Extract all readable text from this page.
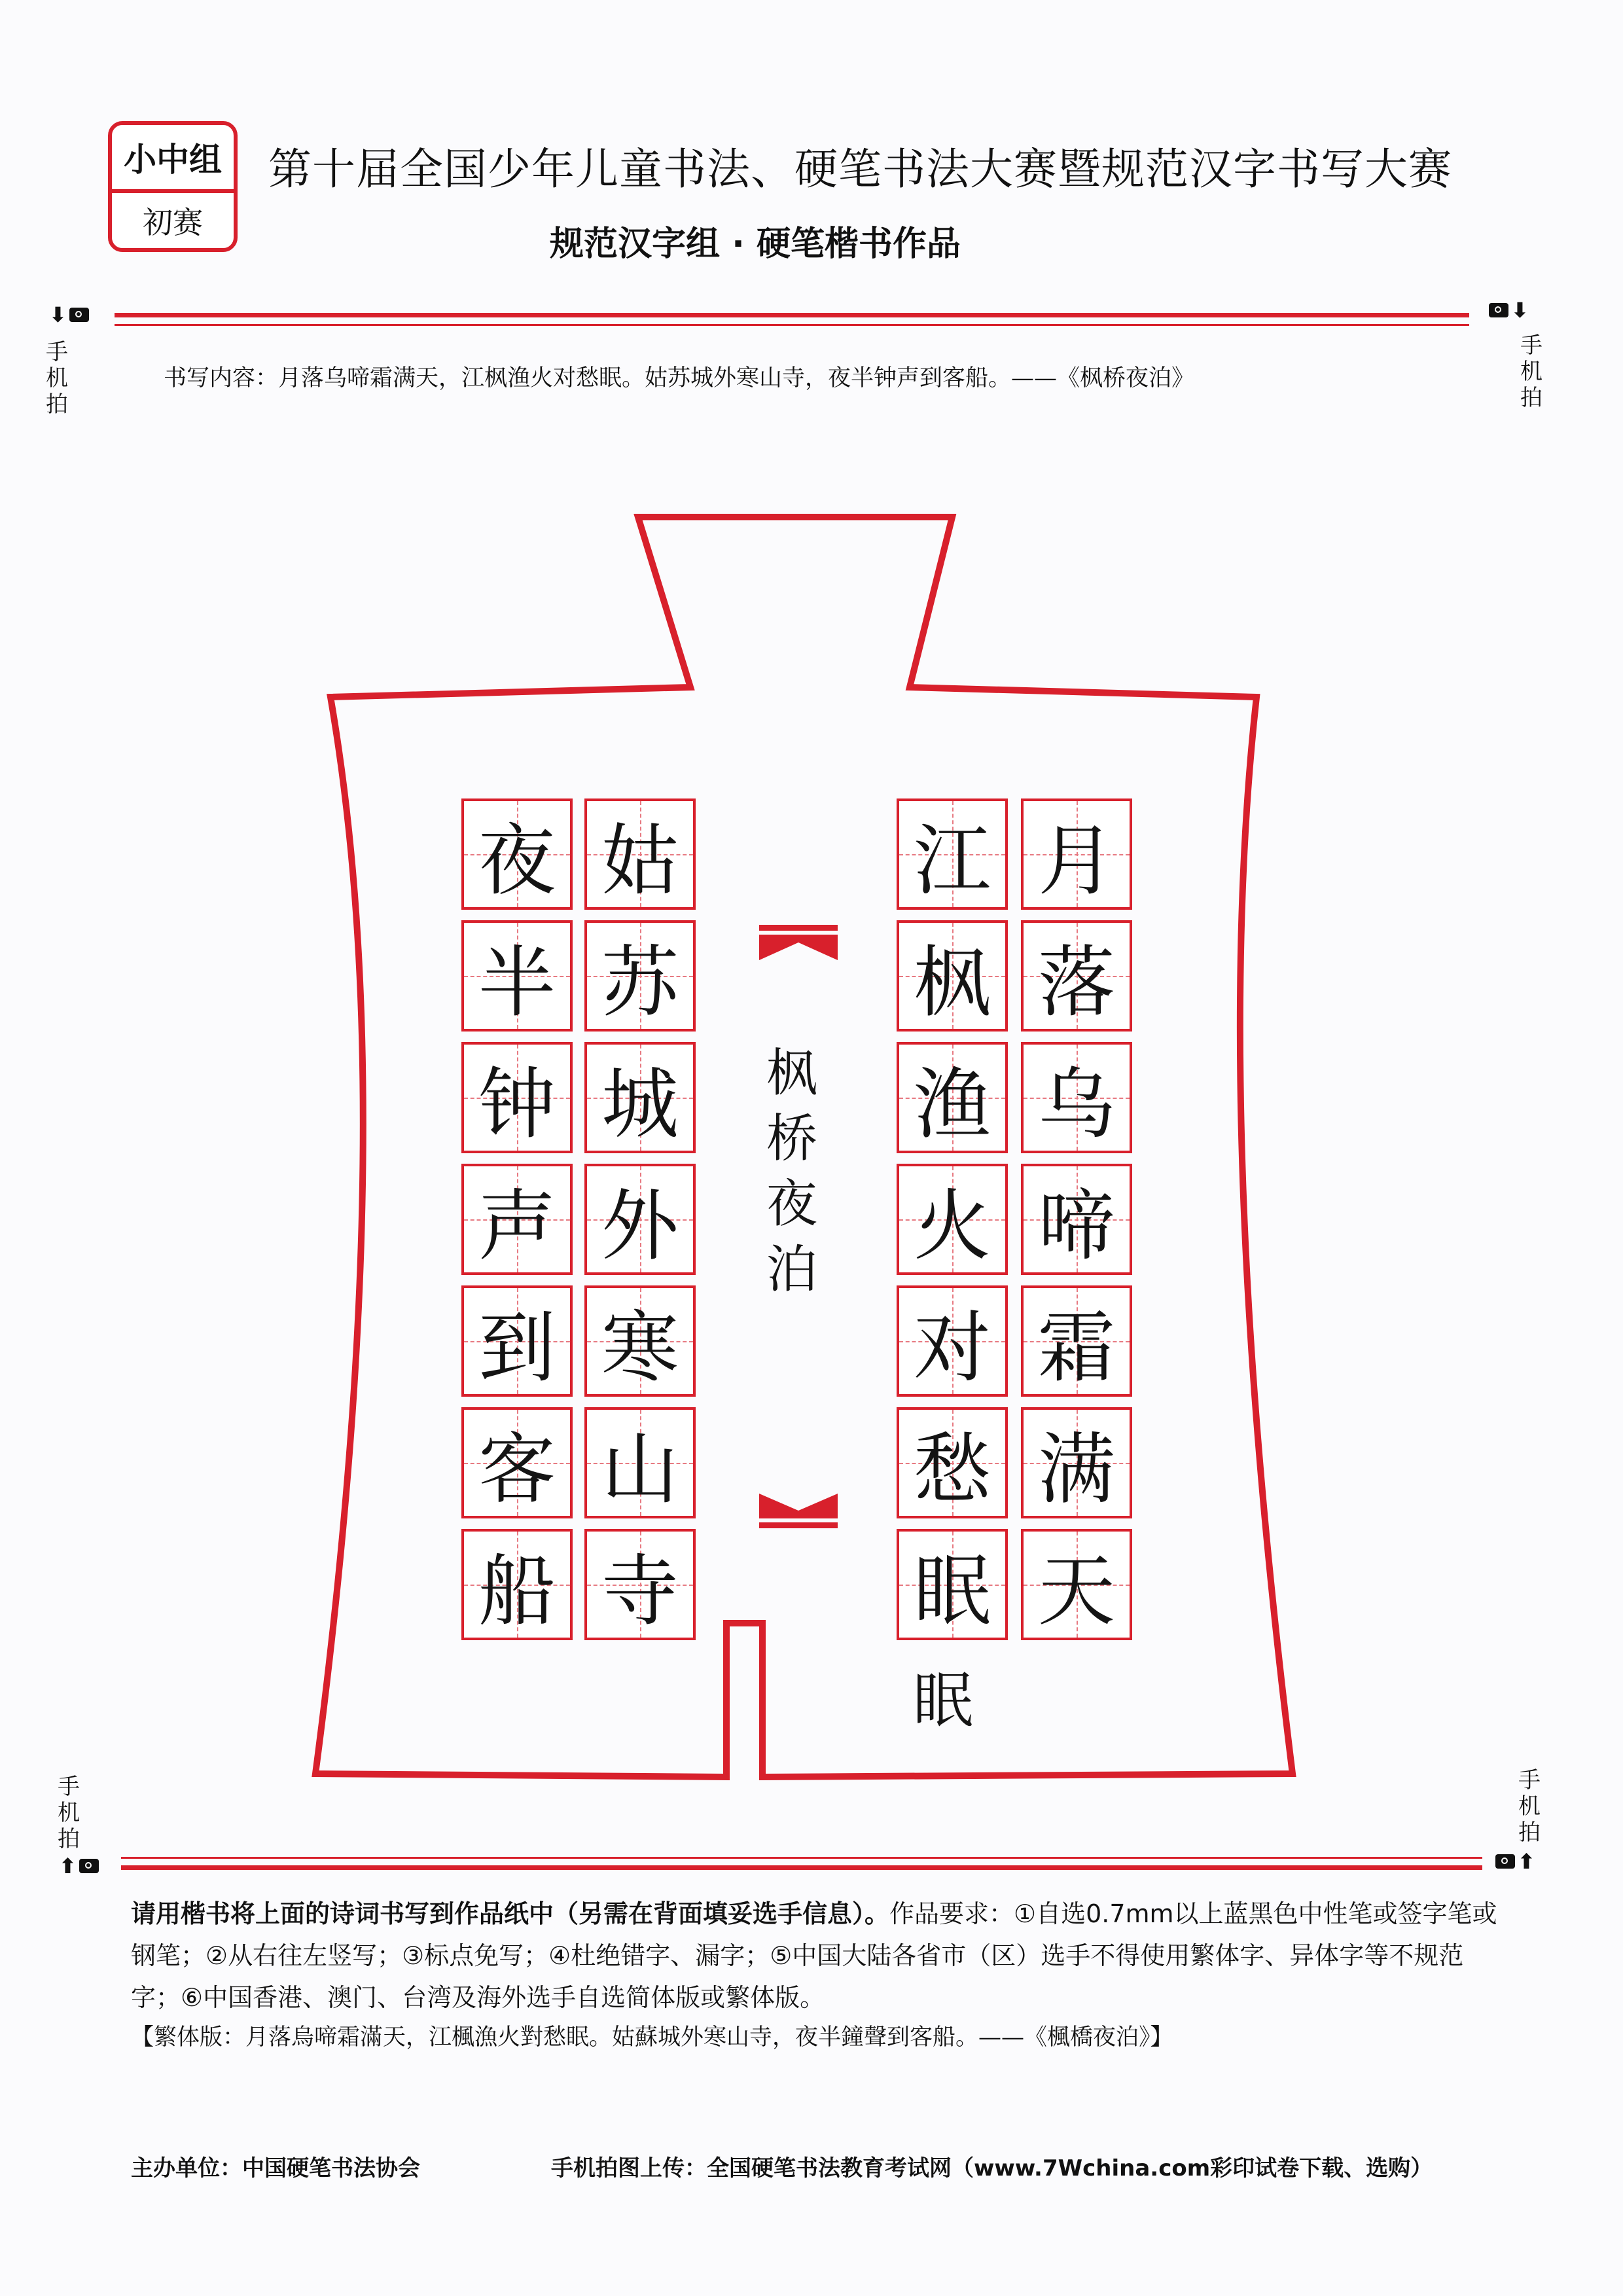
小中组
初赛
第十届全国少年儿童书法、硬笔书法大赛暨规范汉字书写大赛
规范汉字组 · 硬笔楷书作品
⬇
手
机
拍
⬇
手
机
拍
书写内容：月落乌啼霜满天，江枫渔火对愁眠。姑苏城外寒山寺，夜半钟声到客船。——《枫桥夜泊》
月
落
乌
啼
霜
满
天
江
枫
渔
火
对
愁
眠
姑
苏
城
外
寒
山
寺
夜
半
钟
声
到
客
船
枫
桥
夜
泊
眠
手
机
拍
⬆
手
机
拍
⬆
请用楷书将上面的诗词书写到作品纸中（另需在背面填妥选手信息）。作品要求：①自选0.7mm以上蓝黑色中性笔或签字笔或钢笔；②从右往左竖写；③标点免写；④杜绝错字、漏字；⑤中国大陆各省市（区）选手不得使用繁体字、异体字等不规范字；⑥中国香港、澳门、台湾及海外选手自选简体版或繁体版。
【繁体版：月落烏啼霜滿天，江楓漁火對愁眠。姑蘇城外寒山寺，夜半鐘聲到客船。——《楓橋夜泊》】
主办单位：中国硬笔书法协会	手机拍图上传：全国硬笔书法教育考试网（www.7Wchina.com彩印试卷下载、选购）
